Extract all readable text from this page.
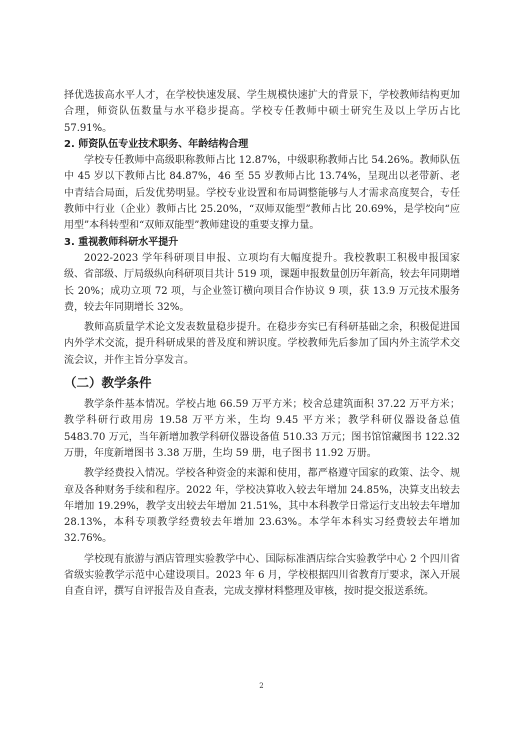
择优选拔高水平人才，在学校快速发展、学生规模快速扩大的背景下，学校教师结构更加合理，师资队伍数量与水平稳步提高。学校专任教师中硕士研究生及以上学历占比 57.91%。

2. 师资队伍专业技术职务、年龄结构合理

学校专任教师中高级职称教师占比 12.87%，中级职称教师占比 54.26%。教师队伍中 45 岁以下教师占比 84.87%，46 至 55 岁教师占比 13.74%，呈现出以老带新、老中青结合局面，后发优势明显。学校专业设置和布局调整能够与人才需求高度契合，专任教师中行业（企业）教师占比 25.20%，“双师双能型”教师占比 20.69%，是学校向“应用型”本科转型和“双师双能型”教师建设的重要支撑力量。

3. 重视教师科研水平提升

2022-2023 学年科研项目申报、立项均有大幅度提升。我校教职工积极申报国家级、省部级、厅局级纵向科研项目共计 519 项，课题申报数量创历年新高，较去年同期增长 20%；成功立项 72 项，与企业签订横向项目合作协议 9 项，获 13.9 万元技术服务费，较去年同期增长 32%。

教师高质量学术论文发表数量稳步提升。在稳步夯实已有科研基础之余，积极促进国内外学术交流，提升科研成果的普及度和辨识度。学校教师先后参加了国内外主流学术交流会议，并作主旨分享发言。

（二）教学条件

教学条件基本情况。学校占地 66.59 万平方米；校舍总建筑面积 37.22 万平方米；教学科研行政用房 19.58 万平方米，生均 9.45 平方米；教学科研仪器设备总值 5483.70 万元，当年新增加教学科研仪器设备值 510.33 万元；图书馆馆藏图书 122.32 万册，年度新增图书 3.38 万册，生均 59 册，电子图书 11.92 万册。

教学经费投入情况。学校各种资金的来源和使用，都严格遵守国家的政策、法令、规章及各种财务手续和程序。2022 年，学校决算收入较去年增加 24.85%，决算支出较去年增加 19.29%，教学支出较去年增加 21.51%，其中本科教学日常运行支出较去年增加 28.13%，本科专项教学经费较去年增加 23.63%。本学年本科实习经费较去年增加 32.76%。

学校现有旅游与酒店管理实验教学中心、国际标准酒店综合实验教学中心 2 个四川省省级实验教学示范中心建设项目。2023 年 6 月，学校根据四川省教育厅要求，深入开展自查自评，撰写自评报告及自查表，完成支撑材料整理及审核，按时提交报送系统。

2
